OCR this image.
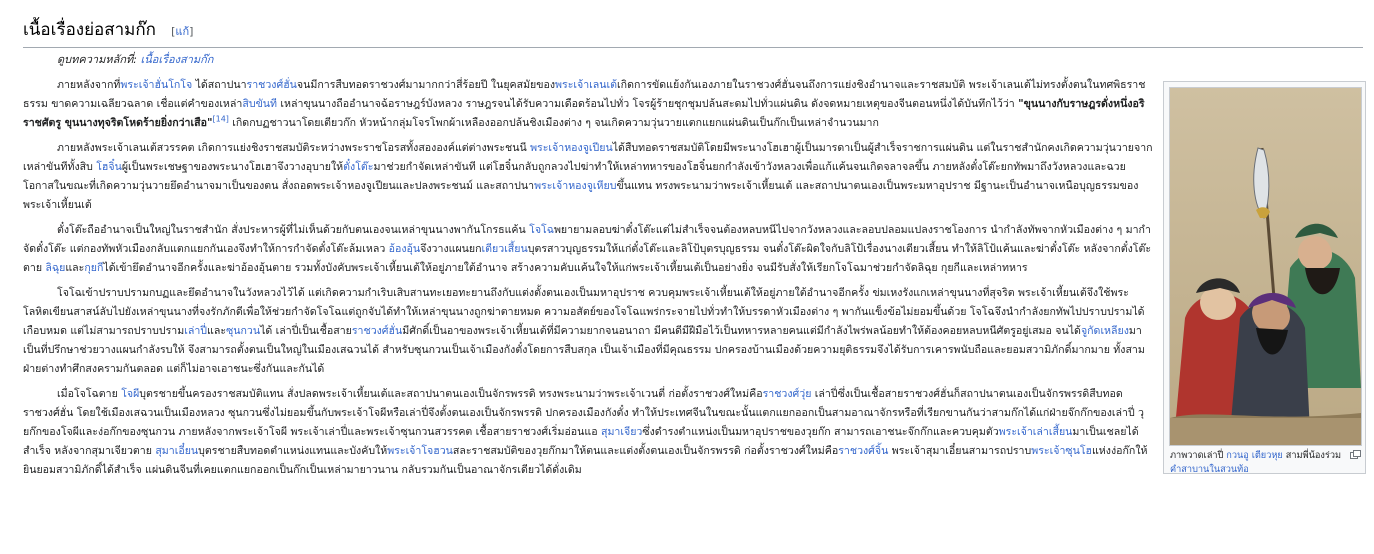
เนื้อเรื่องย่อสามก๊ก [แก้]
ดูบทความหลักที่: เนื้อเรื่องสามก๊ก

ภายหลังจากที่พระเจ้าฮั่นโกโจ ได้สถาปนาราชวงศ์ฮั่นจนมีการสืบทอดราชวงศ์มามากกว่าสี่ร้อยปี ในยุคสมัยของพระเจ้าเลนเต้เกิดการขัดแย้งกันเองภายในราชวงศ์ฮั่นจนถึงการแย่งชิงอำนาจและราชสมบัติ พระเจ้าเลนเต้ไม่ทรงตั้งตนในทศพิธราชธรรม ขาดความเฉลียวฉลาด เชื่อแต่คำของเหล่าสิบขันที เหล่าขุนนางถืออำนาจฉ้อราษฎร์บังหลวง ราษฎรจนได้รับความเดือดร้อนไปทั่ว โจรผู้ร้ายชุกชุมปล้นสะดมไปทั่วแผ่นดิน ดังจดหมายเหตุของจีนตอนหนึ่งได้บันทึกไว้ว่า "ขุนนางกับราษฎรดั่งหนึ่งอริราชศัตรู ขุนนางทุจริตโหดร้ายยิ่งกว่าเสือ"[14] เกิดกบฏชาวนาโดยเตียวก๊ก หัวหน้ากลุ่มโจรโพกผ้าเหลืองออกปล้นชิงเมืองต่าง ๆ จนเกิดความวุ่นวายแตกแยกแผ่นดินเป็นก๊กเป็นเหล่าจำนวนมาก

ภายหลังพระเจ้าเลนเต้สวรรคต เกิดการแย่งชิงราชสมบัติระหว่างพระราชโอรสทั้งสององค์แต่ต่างพระชนนี พระเจ้าหองจูเปียนได้สืบทอดราชสมบัติโดยมีพระนางโฮเฮาผู้เป็นมารดาเป็นผู้สำเร็จราชการแผ่นดิน แต่ในราชสำนักคงเกิดความวุ่นวายจากเหล่าขันทีทั้งสิบ โฮจิ๋นผู้เป็นพระเชษฐาของพระนางโฮเฮาจึงวางอุบายให้ตั๋งโต๊ะมาช่วยกำจัดเหล่าขันที แต่โฮจิ๋นกลับถูกลวงไปฆ่าทำให้เหล่าทหารของโฮจิ๋นยกกำลังเข้าวังหลวงเพื่อแก้แค้นจนเกิดจลาจลขึ้น ภายหลังตั๋งโต๊ะยกทัพมาถึงวังหลวงและฉวยโอกาสในขณะที่เกิดความวุ่นวายยึดอำนาจมาเป็นของตน สั่งถอดพระเจ้าหองจูเปียนและปลงพระชนม์ และสถาปนาพระเจ้าหองจูเหียบขึ้นแทน ทรงพระนามว่าพระเจ้าเหี้ยนเต้ และสถาปนาตนเองเป็นพระมหาอุปราช มีฐานะเป็นอำนาจเหนือบุญธรรมของพระเจ้าเหี้ยนเต้

ตั๋งโต๊ะถืออำนาจเป็นใหญ่ในราชสำนัก สั่งประหารผู้ที่ไม่เห็นด้วยกับตนเองจนเหล่าขุนนางพากันโกรธแค้น โจโฉพยายามลอบฆ่าตั๋งโต๊ะแต่ไม่สำเร็จจนต้องหลบหนีไปจากวังหลวงและลอบปลอมแปลงราชโองการ นำกำลังทัพจากหัวเมืองต่าง ๆ มากำจัดตั๋งโต๊ะ แต่กองทัพหัวเมืองกลับแตกแยกกันเองจึงทำให้การกำจัดตั๋งโต๊ะล้มเหลว อ้องอุ้นจึงวางแผนยกเตียวเสี้ยนบุตรสาวบุญธรรมให้แก่ตั๋งโต๊ะและลิโป้บุตรบุญธรรม จนตั๋งโต๊ะผิดใจกับลิโป้เรื่องนางเตียวเสี้ยน ทำให้ลิโป้แค้นและฆ่าตั๋งโต๊ะ หลังจากตั๋งโต๊ะตาย ลิฉุยและกุยกีได้เข้ายึดอำนาจอีกครั้งและฆ่าอ้องอุ้นตาย รวมทั้งบังคับพระเจ้าเหี้ยนเต้ให้อยู่ภายใต้อำนาจ สร้างความคับแค้นใจให้แก่พระเจ้าเหี้ยนเต้เป็นอย่างยิ่ง จนมีรับสั่งให้เรียกโจโฉมาช่วยกำจัดลิฉุย กุยกีและเหล่าทหาร

โจโฉเข้าปราบปรามกบฏและยึดอำนาจในวังหลวงไว้ได้ แต่เกิดความกำเริบเสิบสานทะเยอทะยานถึงกับแต่งตั้งตนเองเป็นมหาอุปราช ควบคุมพระเจ้าเหี้ยนเต้ให้อยู่ภายใต้อำนาจอีกครั้ง ข่มเหงรังแกเหล่าขุนนางที่สุจริต พระเจ้าเหี้ยนเต้จึงใช้พระโลหิตเขียนสาสน์ลับไปยังเหล่าขุนนางที่จงรักภักดีเพื่อให้ช่วยกำจัดโจโฉแต่ถูกจับได้ทำให้เหล่าขุนนางถูกฆ่าตายหมด ความอสัตย์ของโจโฉแพร่กระจายไปทั่วทำให้บรรดาหัวเมืองต่าง ๆ พากันแข็งข้อไม่ยอมขึ้นด้วย โจโฉจึงนำกำลังยกทัพไปปราบปรามได้เกือบหมด แต่ไม่สามารถปราบปรามเล่าปี่และซุนกวนได้ เล่าปี่เป็นเชื้อสายราชวงศ์ฮั่นมีศักดิ์เป็นอาของพระเจ้าเหี้ยนเต้ที่มีความยากจนอนาถา มีคนดีมีฝีมือไว้เป็นทหารหลายคนแต่มีกำลังไพร่พลน้อยทำให้ต้องคอยหลบหนีศัตรูอยู่เสมอ จนได้จูกัดเหลียงมาเป็นที่ปรึกษาช่วยวางแผนกำลังรบให้ จึงสามารถตั้งตนเป็นใหญ่ในเมืองเสฉวนได้ สำหรับซุนกวนเป็นเจ้าเมืองกังตั๋งโดยการสืบสกุล เป็นเจ้าเมืองที่มีคุณธรรม ปกครองบ้านเมืองด้วยความยุติธรรมจึงได้รับการเคารพนับถือและยอมสวามิภักดิ์มากมาย ทั้งสามฝ่ายต่างทำศึกสงครามกันตลอด แต่ก็ไม่อาจเอาชนะซึ่งกันและกันได้

เมื่อโจโฉตาย โจผีบุตรชายขึ้นครองราชสมบัติแทน สั่งปลดพระเจ้าเหี้ยนเต้และสถาปนาตนเองเป็นจักรพรรดิ ทรงพระนามว่าพระเจ้าเวนตี่ ก่อตั้งราชวงศ์ใหม่คือราชวงศ์วุ่ย เล่าปี่ซึ่งเป็นเชื้อสายราชวงศ์ฮั่นก็สถาปนาตนเองเป็นจักรพรรดิสืบทอดราชวงศ์ฮั่น โดยใช้เมืองเสฉวนเป็นเมืองหลวง ซุนกวนซึ่งไม่ยอมขึ้นกับพระเจ้าโจผีหรือเล่าปี่จึงตั้งตนเองเป็นจักรพรรดิ ปกครองเมืองกังตั๋ง ทำให้ประเทศจีนในขณะนั้นแตกแยกออกเป็นสามอาณาจักรหรือที่เรียกขานกันว่าสามก๊กได้แก่ฝ่ายจ๊กก๊กของเล่าปี่ วุยก๊กของโจผีและง่อก๊กของซุนกวน ภายหลังจากพระเจ้าโจผี พระเจ้าเล่าปี่และพระเจ้าซุนกวนสวรรคต เชื้อสายราชวงศ์เริ่มอ่อนแอ สุมาเจียวซึ่งดำรงตำแหน่งเป็นมหาอุปราชของวุยก๊ก สามารถเอาชนะจ๊กก๊กและควบคุมตัวพระเจ้าเล่าเสี้ยนมาเป็นเชลยได้สำเร็จ หลังจากสุมาเจียวตาย สุมาเอี๋ยนบุตรชายสืบทอดตำแหน่งแทนและบังคับให้พระเจ้าโจฮวนสละราชสมบัติของวุยก๊กมาให้ตนและแต่งตั้งตนเองเป็นจักรพรรดิ ก่อตั้งราชวงศ์ใหม่คือราชวงศ์จิ้น พระเจ้าสุมาเอี๋ยนสามารถปราบพระเจ้าซุนโฮแห่งง่อก๊กให้ยินยอมสวามิภักดิ์ได้สำเร็จ แผ่นดินจีนที่เคยแตกแยกออกเป็นก๊กเป็นเหล่ามายาวนาน กลับรวมกันเป็นอาณาจักรเดียวได้ดั่งเดิม

ภาพวาดเล่าปี่ กวนอู เตียวหุย สามพี่น้องร่วมคำสาบานในสวนท้อ
